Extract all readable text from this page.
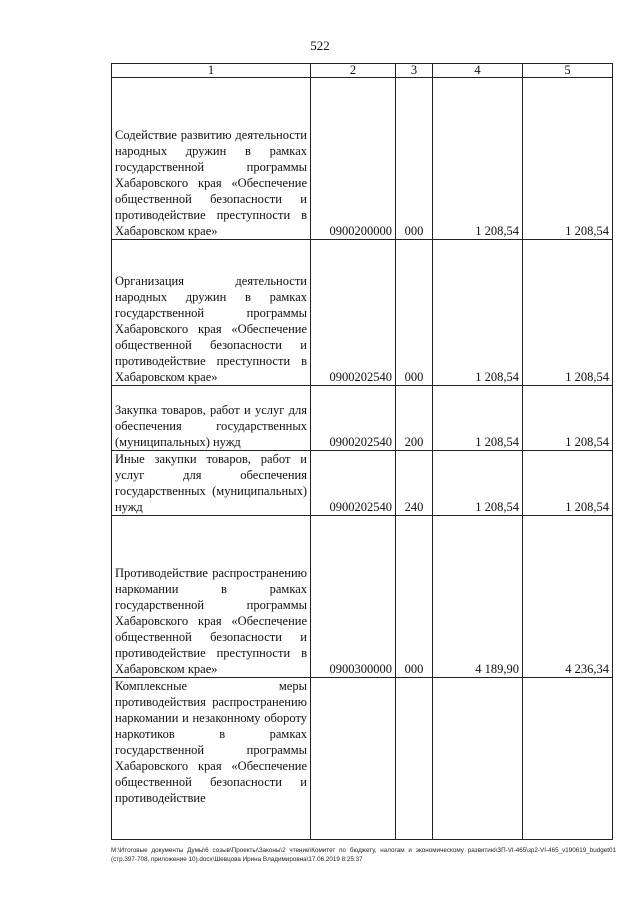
522
1	2	3	4	5
Содействие развитию деятельности народных дружин в рамках государственной программы Хабаровского края «Обеспечение общественной безопасности и противодействие преступности в Хабаровском крае»	0900200000	000	1 208,54	1 208,54
Организация деятельности народных дружин в рамках государственной программы Хабаровского края «Обеспечение общественной безопасности и противодействие преступности в Хабаровском крае»	0900202540	000	1 208,54	1 208,54
Закупка товаров, работ и услуг для обеспечения государственных (муниципальных) нужд	0900202540	200	1 208,54	1 208,54
Иные закупки товаров, работ и услуг для обеспечения государственных (муниципальных) нужд	0900202540	240	1 208,54	1 208,54
Противодействие распространению наркомании в рамках государственной программы Хабаровского края «Обеспечение общественной безопасности и противодействие преступности в Хабаровском крае»	0900300000	000	4 189,90	4 236,34
Комплексные меры противодействия распространению наркомании и незаконному обороту наркотиков в рамках государственной программы Хабаровского края «Обеспечение общественной безопасности и противодействие				
M:\Итоговые документы Думы\6 созыв\Проекты\Законы\2 чтение\Комитет по бюджету, налогам и экономическому развитию\ЗП-VI-465\зр2-VI-465_v190619_budget01 (стр.397-708, приложение 10).docx\Шевцова Ирина Владимировна\17.06.2019 8:25:37
